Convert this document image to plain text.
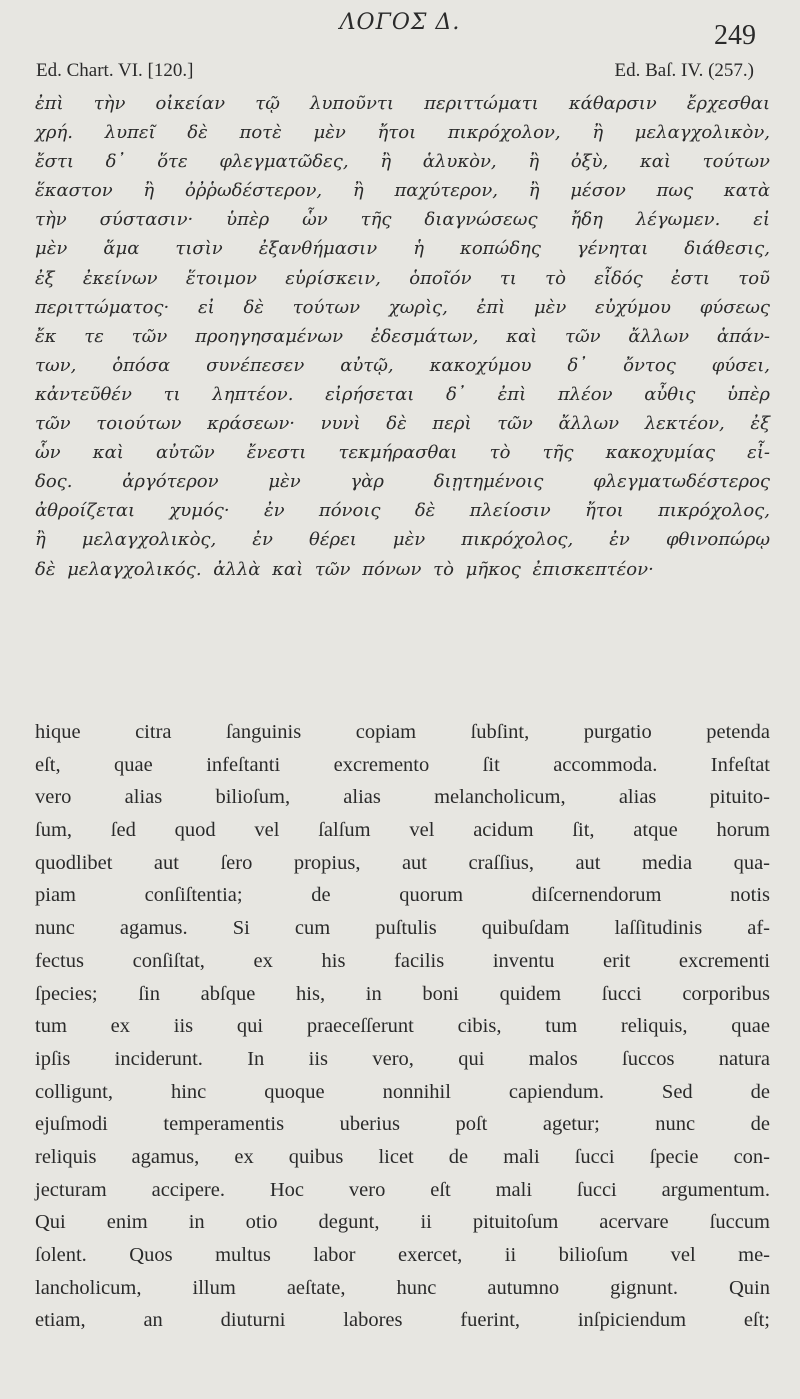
ΛΟΓΟΣ Δ.	249
Ed. Chart. VI. [120.]	Ed. Baſ. IV. (257.)
ἐπὶ τὴν οἰκείαν τῷ λυποῦντι περιττώματι κάθαρσιν ἔρχεσθαι
χρή. λυπεῖ δὲ ποτὲ μὲν ἤτοι πικρόχολον, ἢ μελαγχολικὸν,
ἔστι δ᾽ ὅτε φλεγματῶδες, ἢ ἁλυκὸν, ἢ ὀξὺ, καὶ τούτων
ἕκαστον ἢ ὀῤῥωδέστερον, ἢ παχύτερον, ἢ μέσον πως κατὰ
τὴν σύστασιν· ὑπὲρ ὧν τῆς διαγνώσεως ἤδη λέγωμεν. εἰ
μὲν ἅμα τισὶν ἐξανθήμασιν ἡ κοπώδης γένηται διάθεσις,
ἐξ ἐκείνων ἕτοιμον εὑρίσκειν, ὁποῖόν τι τὸ εἶδός ἐστι τοῦ
περιττώματος· εἰ δὲ τούτων χωρὶς, ἐπὶ μὲν εὐχύμου φύσεως
ἔκ τε τῶν προηγησαμένων ἐδεσμάτων, καὶ τῶν ἄλλων ἁπάν-
των, ὁπόσα συνέπεσεν αὐτῷ, κακοχύμου δ᾽ ὄντος φύσει,
κἀντεῦθέν τι ληπτέον. εἰρήσεται δ᾽ ἐπὶ πλέον αὖθις ὑπὲρ
τῶν τοιούτων κράσεων· νυνὶ δὲ περὶ τῶν ἄλλων λεκτέον, ἐξ
ὧν καὶ αὐτῶν ἔνεστι τεκμήρασθαι τὸ τῆς κακοχυμίας εἶ-
δος. ἀργότερον μὲν γὰρ διῃτημένοις φλεγματωδέστερος
ἀθροίζεται χυμός· ἐν πόνοις δὲ πλείοσιν ἤτοι πικρόχολος,
ἢ μελαγχολικὸς, ἐν θέρει μὲν πικρόχολος, ἐν φθινοπώρῳ
δὲ μελαγχολικός. ἀλλὰ καὶ τῶν πόνων τὸ μῆκος ἐπισκεπτέον·
hique citra ſanguinis copiam ſubſint, purgatio petenda
eſt, quae infeſtanti excremento ſit accommoda. Infeſtat
vero alias bilioſum, alias melancholicum, alias pituito-
ſum, ſed quod vel ſalſum vel acidum ſit, atque horum
quodlibet aut ſero propius, aut craſſius, aut media qua-
piam conſiſtentia; de quorum diſcernendorum notis
nunc agamus. Si cum puſtulis quibuſdam laſſitudinis af-
fectus conſiſtat, ex his facilis inventu erit excrementi
ſpecies; ſin abſque his, in boni quidem ſucci corporibus
tum ex iis qui praeceſſerunt cibis, tum reliquis, quae
ipſis inciderunt. In iis vero, qui malos ſuccos natura
colligunt, hinc quoque nonnihil capiendum. Sed de
ejuſmodi temperamentis uberius poſt agetur; nunc de
reliquis agamus, ex quibus licet de mali ſucci ſpecie con-
jecturam accipere. Hoc vero eſt mali ſucci argumentum.
Qui enim in otio degunt, ii pituitoſum acervare ſuccum
ſolent. Quos multus labor exercet, ii bilioſum vel me-
lancholicum, illum aeſtate, hunc autumno gignunt. Quin
etiam, an diuturni labores fuerint, inſpiciendum eſt;
